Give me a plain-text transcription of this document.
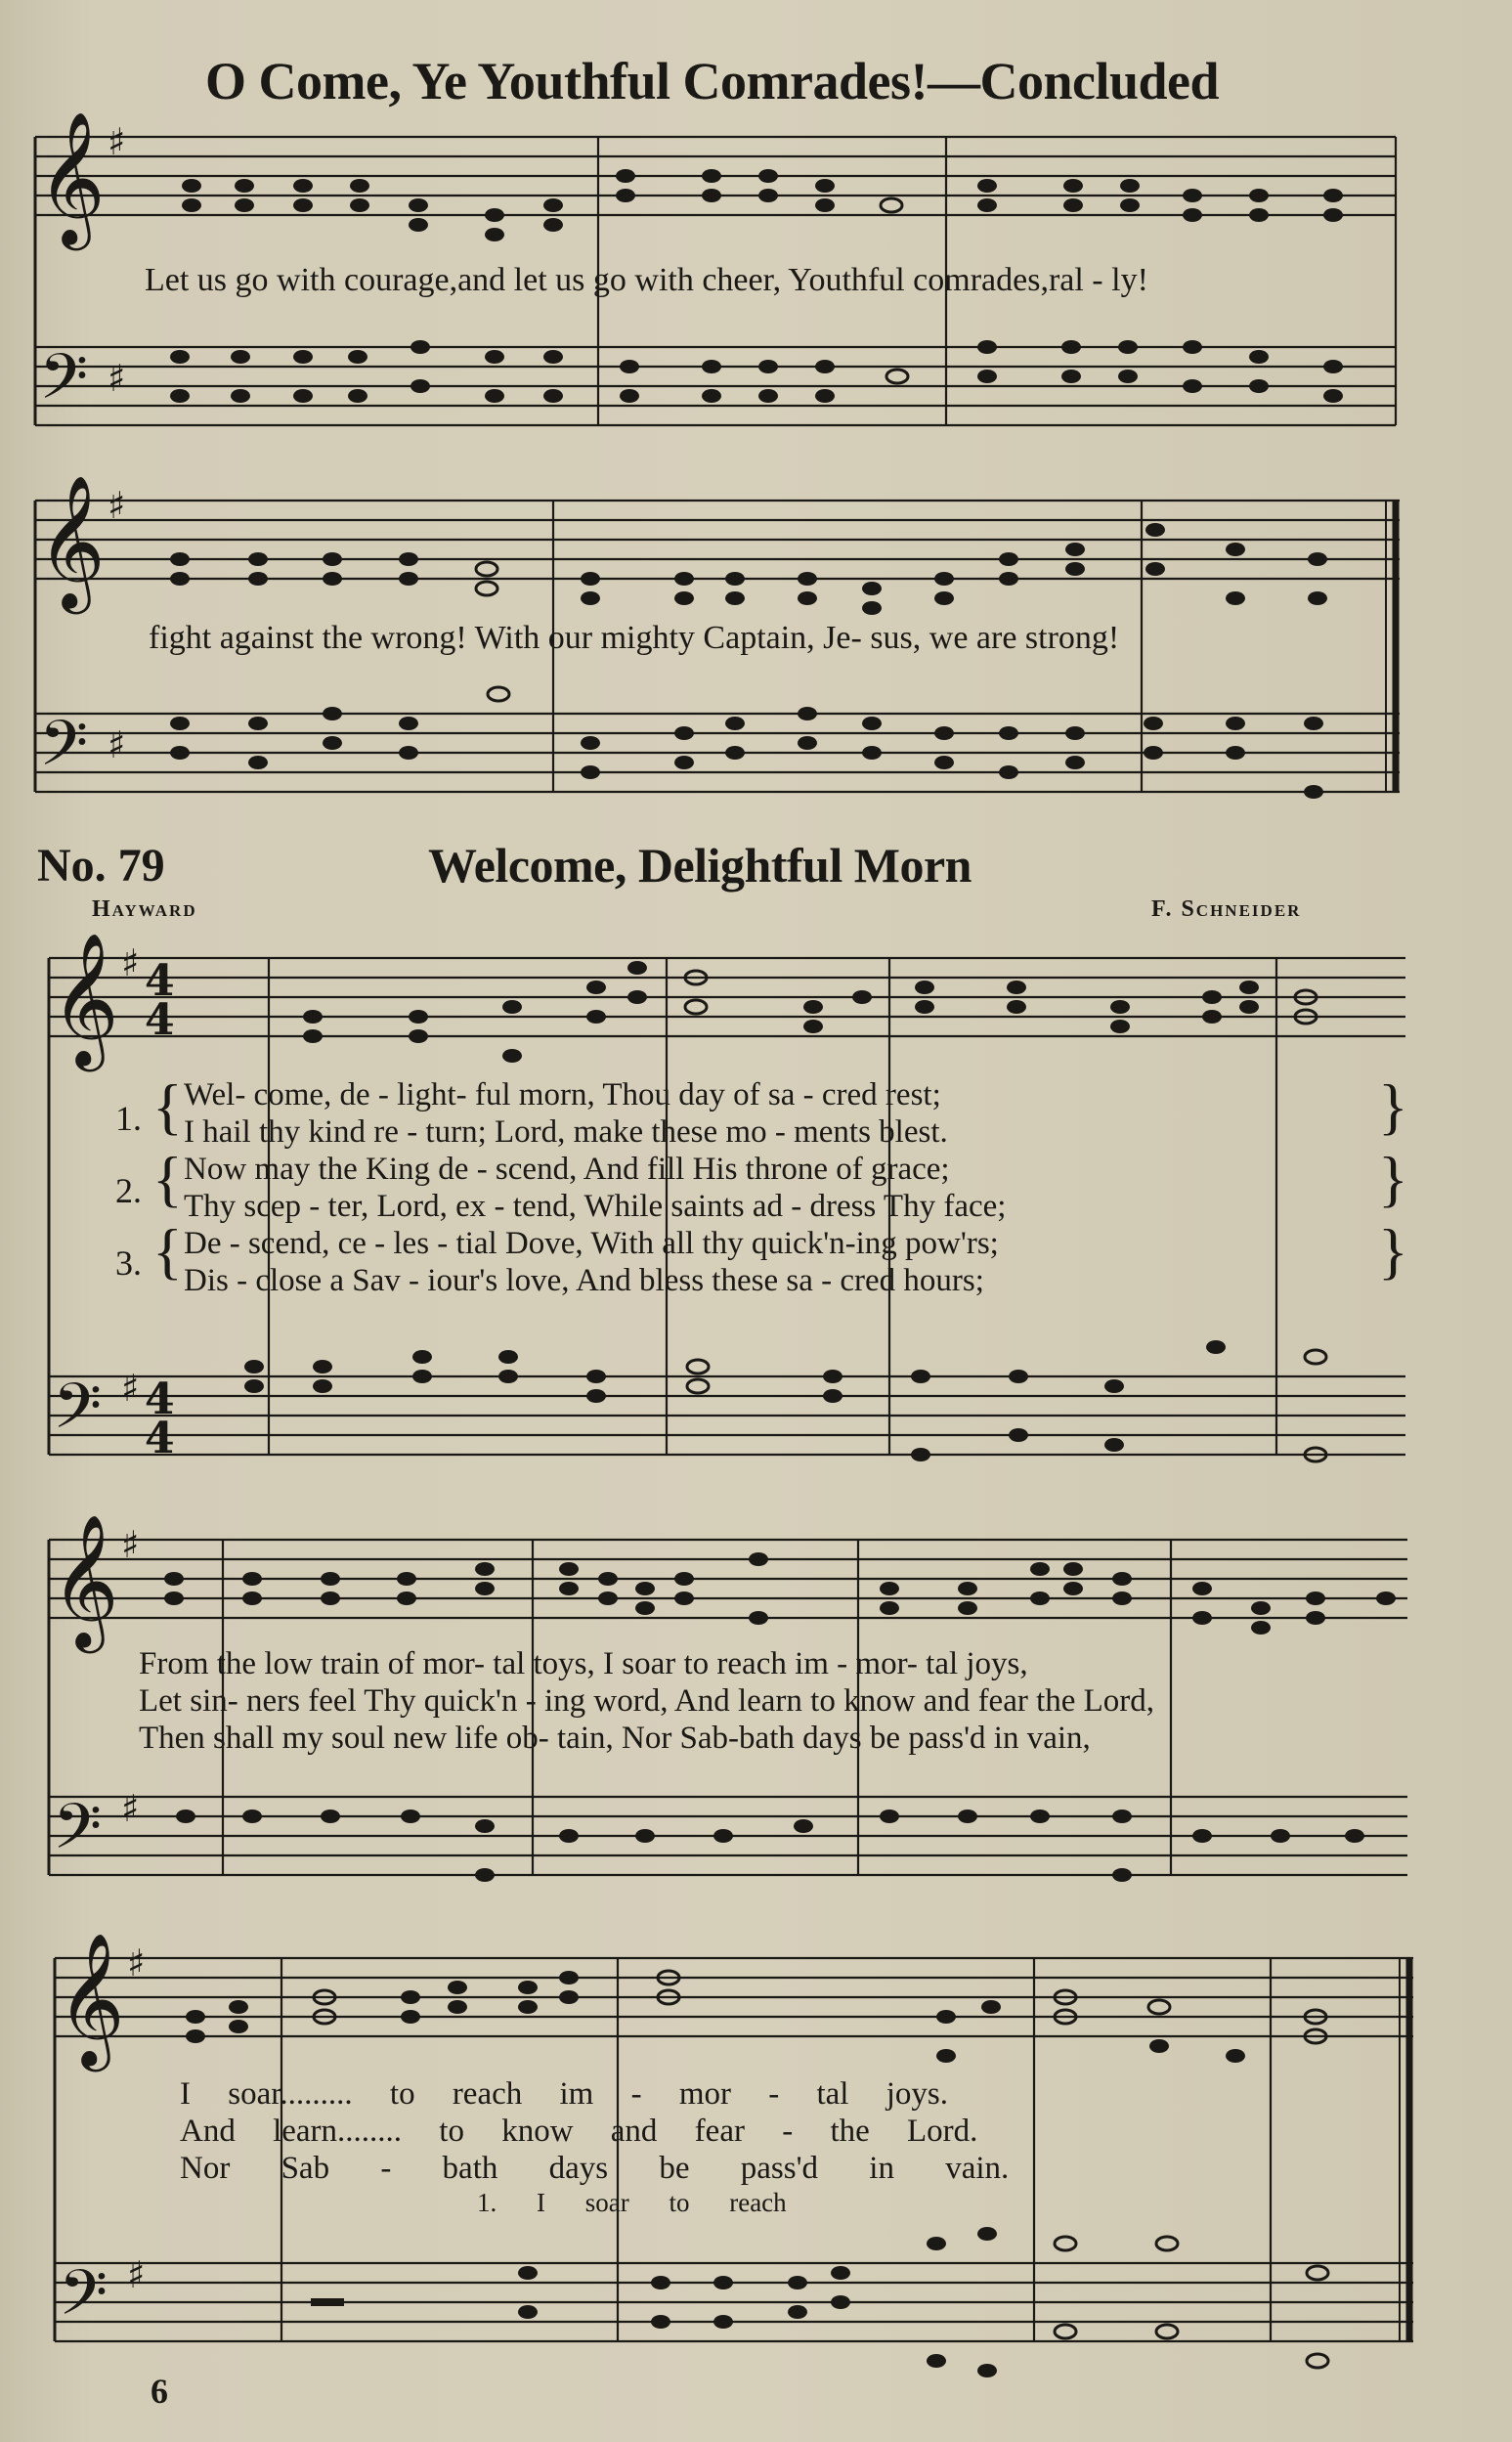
𝄞
𝄢
𝄞
𝄢
𝄞
𝄢
𝄞
𝄢
𝄞
𝄢
♯
♯
♯
♯
♯
♯
♯
♯
♯
♯
4
4
4
4
O Come, Ye Youthful Comrades!—Concluded
Let us go with courage,and let us go with cheer, Youthful comrades,ral - ly!
fight against the wrong! With our mighty Captain, Je- sus, we are strong!
No. 79	Welcome, Delightful Morn
Hayward	F. Schneider
1.
2.
3.
{
{
{
}
}
}
Wel- come, de - light- ful morn, Thou day of sa - cred rest;
I hail thy kind re - turn; Lord, make these mo - ments blest.
Now may the King de - scend, And fill His throne of grace;
Thy scep - ter, Lord, ex - tend, While saints ad - dress Thy face;
De - scend, ce - les - tial Dove, With all thy quick'n-ing pow'rs;
Dis - close a Sav - iour's love, And bless these sa - cred hours;
From the low train of mor- tal toys, I soar to reach im - mor- tal joys,
Let sin- ners feel Thy quick'n - ing word, And learn to know and fear the Lord,
Then shall my soul new life ob- tain, Nor Sab-bath days be pass'd in vain,
I soar......... to reach im - mor - tal joys.
And learn........ to know and fear - the Lord.
Nor Sab - bath days be pass'd in vain.
1. I soar to reach
6
